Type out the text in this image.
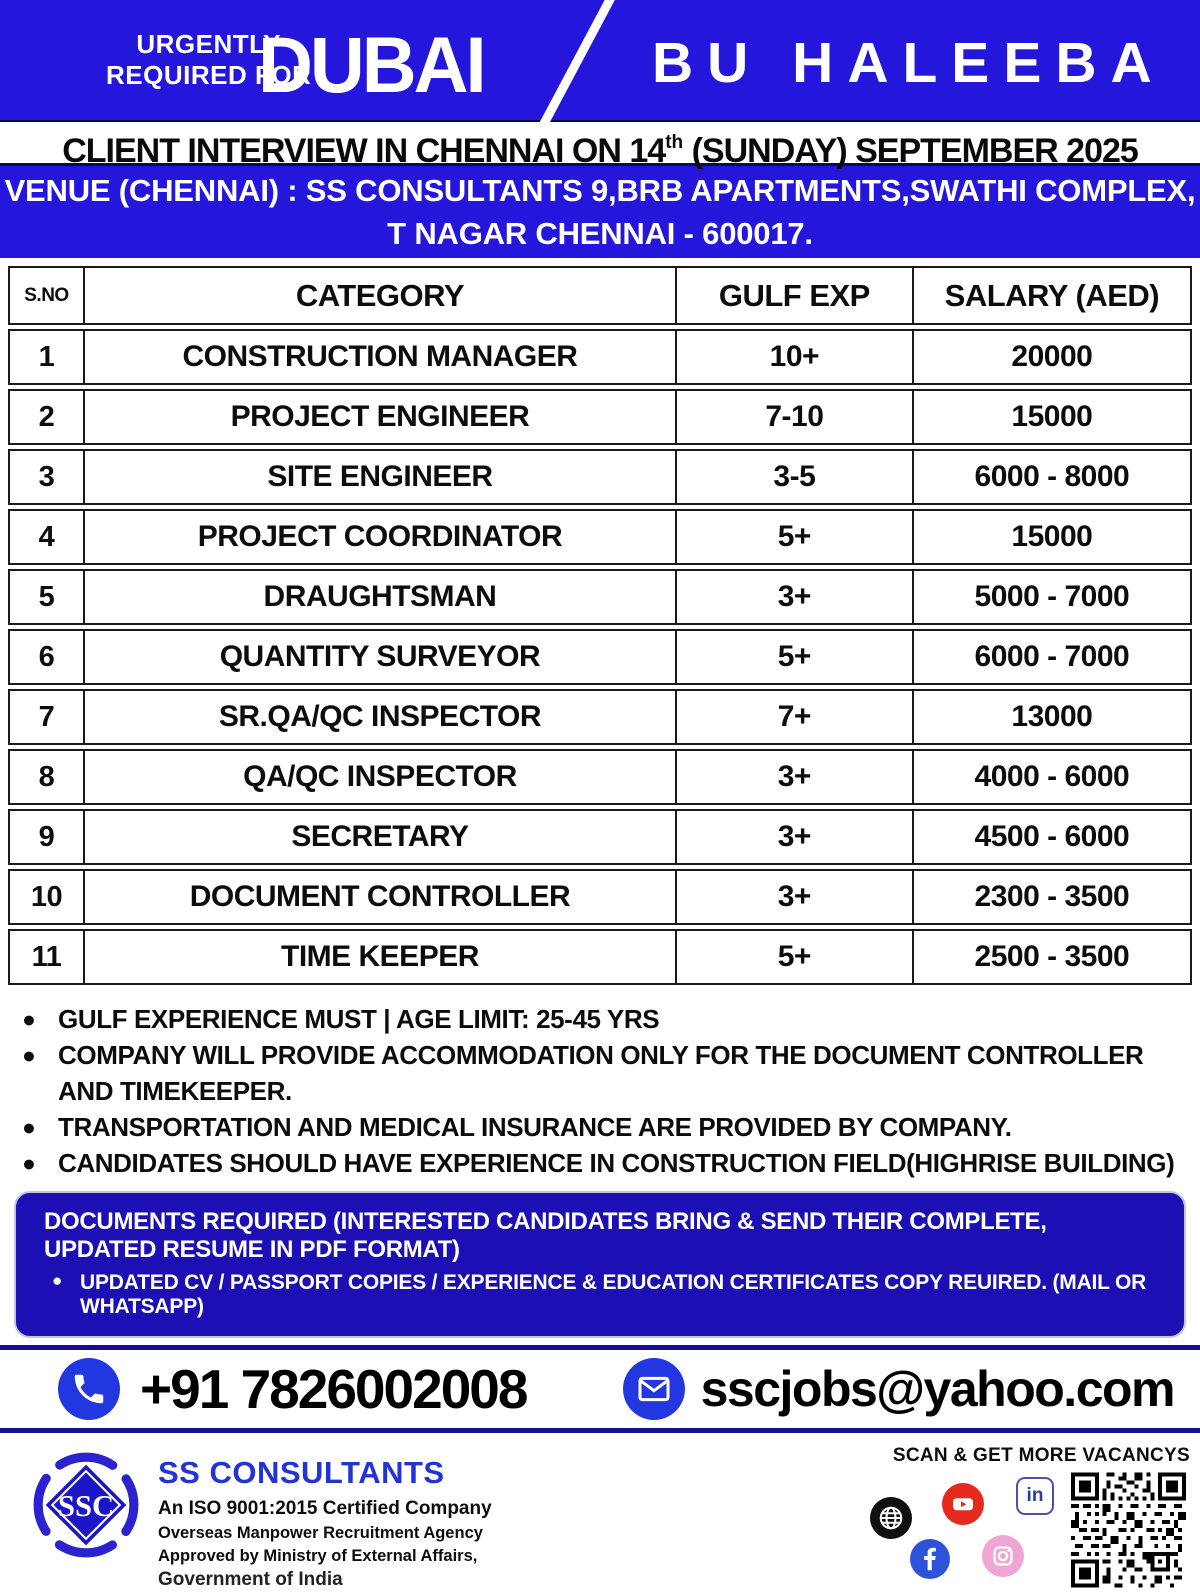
URGENTLY
REQUIRED FOR
DUBAI	BU HALEEBA
CLIENT INTERVIEW IN CHENNAI ON 14th (SUNDAY) SEPTEMBER 2025
VENUE (CHENNAI) : SS CONSULTANTS 9,BRB APARTMENTS,SWATHI COMPLEX,
T NAGAR CHENNAI - 600017.
S.NO	CATEGORY	GULF EXP	SALARY (AED)
1	CONSTRUCTION MANAGER	10+	20000
2	PROJECT ENGINEER	7-10	15000
3	SITE ENGINEER	3-5	6000 - 8000
4	PROJECT COORDINATOR	5+	15000
5	DRAUGHTSMAN	3+	5000 - 7000
6	QUANTITY SURVEYOR	5+	6000 - 7000
7	SR.QA/QC INSPECTOR	7+	13000
8	QA/QC INSPECTOR	3+	4000 - 6000
9	SECRETARY	3+	4500 - 6000
10	DOCUMENT CONTROLLER	3+	2300 - 3500
11	TIME KEEPER	5+	2500 - 3500
● GULF EXPERIENCE MUST | AGE LIMIT: 25-45 YRS
● COMPANY WILL PROVIDE ACCOMMODATION ONLY FOR THE DOCUMENT CONTROLLER AND TIMEKEEPER.
● TRANSPORTATION AND MEDICAL INSURANCE ARE PROVIDED BY COMPANY.
● CANDIDATES SHOULD HAVE EXPERIENCE IN CONSTRUCTION FIELD(HIGHRISE BUILDING)
DOCUMENTS REQUIRED (INTERESTED CANDIDATES BRING & SEND THEIR COMPLETE, UPDATED RESUME IN PDF FORMAT)
● UPDATED CV / PASSPORT COPIES / EXPERIENCE & EDUCATION CERTIFICATES COPY REUIRED. (MAIL OR WHATSAPP)
+91 7826002008	sscjobs@yahoo.com
SSC
SS CONSULTANTS
An ISO 9001:2015 Certified Company
Overseas Manpower Recruitment Agency
Approved by Ministry of External Affairs,
Government of India
SCAN & GET MORE VACANCYS
in
